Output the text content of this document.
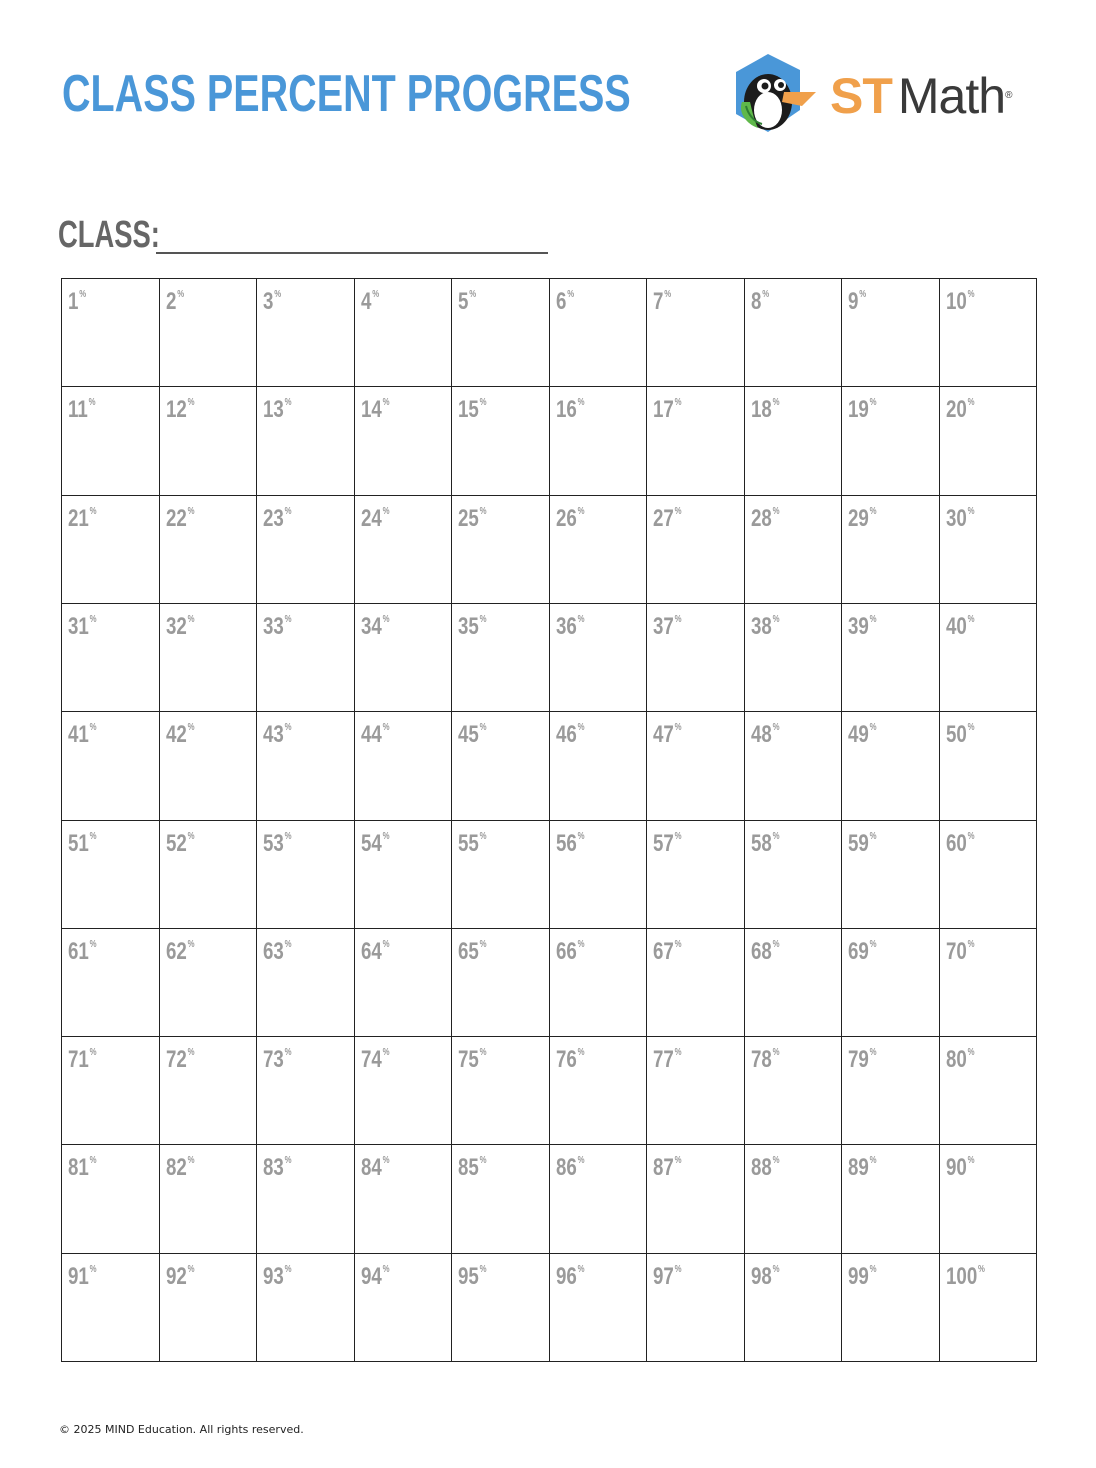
CLASS PERCENT PROGRESS	ST Math®
CLASS:
1%	2%	3%	4%	5%	6%	7%	8%	9%	10%
11%	12%	13%	14%	15%	16%	17%	18%	19%	20%
21%	22%	23%	24%	25%	26%	27%	28%	29%	30%
31%	32%	33%	34%	35%	36%	37%	38%	39%	40%
41%	42%	43%	44%	45%	46%	47%	48%	49%	50%
51%	52%	53%	54%	55%	56%	57%	58%	59%	60%
61%	62%	63%	64%	65%	66%	67%	68%	69%	70%
71%	72%	73%	74%	75%	76%	77%	78%	79%	80%
81%	82%	83%	84%	85%	86%	87%	88%	89%	90%
91%	92%	93%	94%	95%	96%	97%	98%	99%	100%
© 2025 MIND Education. All rights reserved.
